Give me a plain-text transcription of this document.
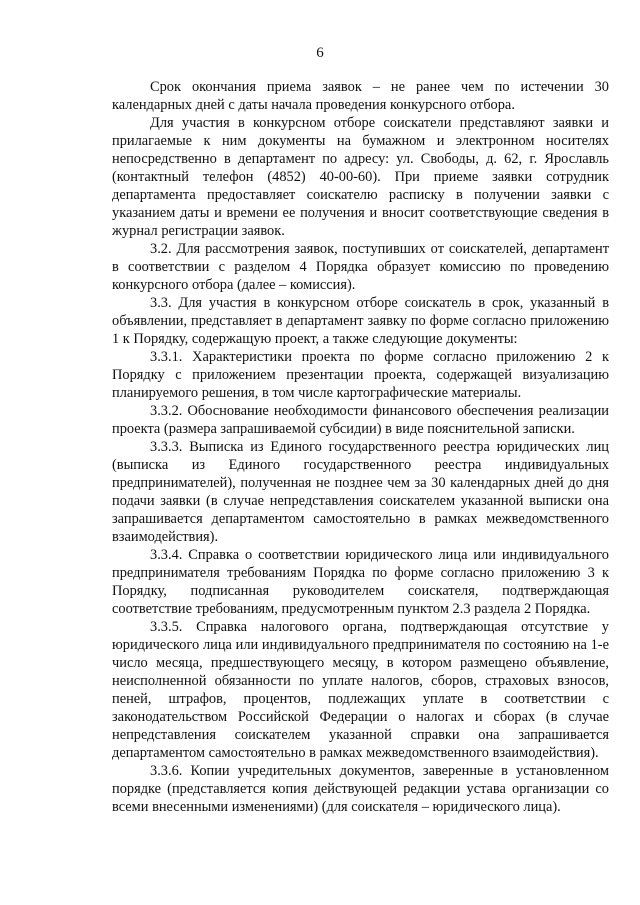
6

Срок окончания приема заявок – не ранее чем по истечении 30 календарных дней с даты начала проведения конкурсного отбора.

Для участия в конкурсном отборе соискатели представляют заявки и прилагаемые к ним документы на бумажном и электронном носителях непосредственно в департамент по адресу: ул. Свободы, д. 62, г. Ярославль (контактный телефон (4852) 40-00-60). При приеме заявки сотрудник департамента предоставляет соискателю расписку в получении заявки с указанием даты и времени ее получения и вносит соответствующие сведения в журнал регистрации заявок.

3.2. Для рассмотрения заявок, поступивших от соискателей, департамент в соответствии с разделом 4 Порядка образует комиссию по проведению конкурсного отбора (далее – комиссия).

3.3. Для участия в конкурсном отборе соискатель в срок, указанный в объявлении, представляет в департамент заявку по форме согласно приложению 1 к Порядку, содержащую проект, а также следующие документы:

3.3.1. Характеристики проекта по форме согласно приложению 2 к Порядку с приложением презентации проекта, содержащей визуализацию планируемого решения, в том числе картографические материалы.

3.3.2. Обоснование необходимости финансового обеспечения реализации проекта (размера запрашиваемой субсидии) в виде пояснительной записки.

3.3.3. Выписка из Единого государственного реестра юридических лиц (выписка из Единого государственного реестра индивидуальных предпринимателей), полученная не позднее чем за 30 календарных дней до дня подачи заявки (в случае непредставления соискателем указанной выписки она запрашивается департаментом самостоятельно в рамках межведомственного взаимодействия).

3.3.4. Справка о соответствии юридического лица или индивидуального предпринимателя требованиям Порядка по форме согласно приложению 3 к Порядку, подписанная руководителем соискателя, подтверждающая соответствие требованиям, предусмотренным пунктом 2.3 раздела 2 Порядка.

3.3.5. Справка налогового органа, подтверждающая отсутствие у юридического лица или индивидуального предпринимателя по состоянию на 1-е число месяца, предшествующего месяцу, в котором размещено объявление, неисполненной обязанности по уплате налогов, сборов, страховых взносов, пеней, штрафов, процентов, подлежащих уплате в соответствии с законодательством Российской Федерации о налогах и сборах (в случае непредставления соискателем указанной справки она запрашивается департаментом самостоятельно в рамках межведомственного взаимодействия).

3.3.6. Копии учредительных документов, заверенные в установленном порядке (представляется копия действующей редакции устава организации со всеми внесенными изменениями) (для соискателя – юридического лица).
